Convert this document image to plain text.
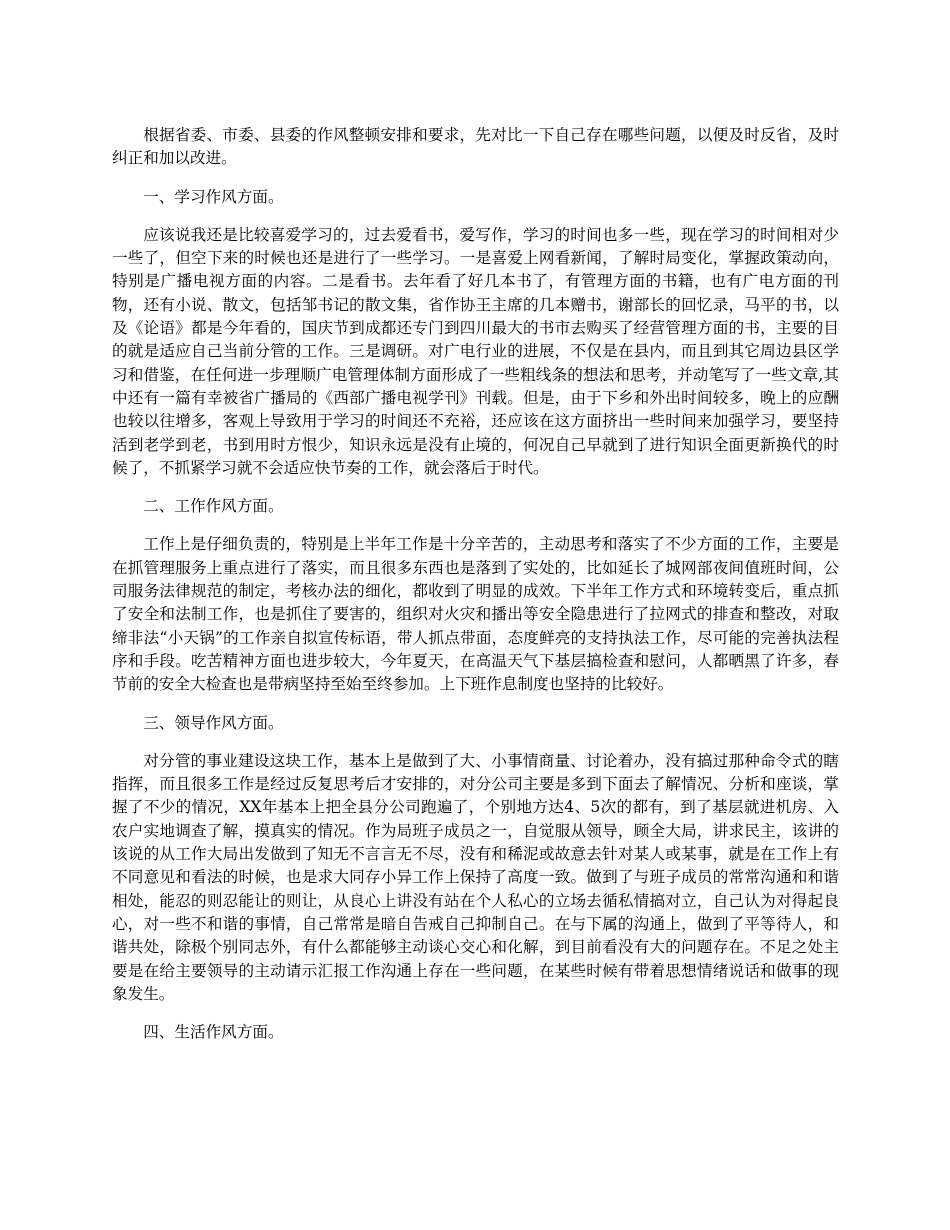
根据省委、市委、县委的作风整顿安排和要求，先对比一下自己存在哪些问题，以便及时反省，及时纠正和加以改进。

一、学习作风方面。

应该说我还是比较喜爱学习的，过去爱看书，爱写作，学习的时间也多一些，现在学习的时间相对少一些了，但空下来的时候也还是进行了一些学习。一是喜爱上网看新闻，了解时局变化，掌握政策动向，特别是广播电视方面的内容。二是看书。去年看了好几本书了，有管理方面的书籍，也有广电方面的刊物，还有小说、散文，包括邹书记的散文集，省作协王主席的几本赠书，谢部长的回忆录，马平的书，以及《论语》都是今年看的，国庆节到成都还专门到四川最大的书市去购买了经营管理方面的书，主要的目的就是适应自己当前分管的工作。三是调研。对广电行业的进展，不仅是在县内，而且到其它周边县区学习和借鉴，在任何进一步理顺广电管理体制方面形成了一些粗线条的想法和思考，并动笔写了一些文章,其中还有一篇有幸被省广播局的《西部广播电视学刊》刊载。但是，由于下乡和外出时间较多，晚上的应酬也较以往增多，客观上导致用于学习的时间还不充裕，还应该在这方面挤出一些时间来加强学习，要坚持活到老学到老，书到用时方恨少，知识永远是没有止境的，何况自己早就到了进行知识全面更新换代的时候了，不抓紧学习就不会适应快节奏的工作，就会落后于时代。

二、工作作风方面。

工作上是仔细负责的，特别是上半年工作是十分辛苦的，主动思考和落实了不少方面的工作，主要是在抓管理服务上重点进行了落实，而且很多东西也是落到了实处的，比如延长了城网部夜间值班时间，公司服务法律规范的制定，考核办法的细化，都收到了明显的成效。下半年工作方式和环境转变后，重点抓了安全和法制工作，也是抓住了要害的，组织对火灾和播出等安全隐患进行了拉网式的排查和整改，对取缔非法“小天锅”的工作亲自拟宣传标语，带人抓点带面，态度鲜亮的支持执法工作，尽可能的完善执法程序和手段。吃苦精神方面也进步较大，今年夏天，在高温天气下基层搞检查和慰问，人都晒黑了许多，春节前的安全大检查也是带病坚持至始至终参加。上下班作息制度也坚持的比较好。

三、领导作风方面。

对分管的事业建设这块工作，基本上是做到了大、小事情商量、讨论着办，没有搞过那种命令式的瞎指挥，而且很多工作是经过反复思考后才安排的，对分公司主要是多到下面去了解情况、分析和座谈，掌握了不少的情况，XX年基本上把全县分公司跑遍了，个别地方达4、5次的都有，到了基层就进机房、入农户实地调查了解，摸真实的情况。作为局班子成员之一，自觉服从领导，顾全大局，讲求民主，该讲的该说的从工作大局出发做到了知无不言言无不尽，没有和稀泥或故意去针对某人或某事，就是在工作上有不同意见和看法的时候，也是求大同存小异工作上保持了高度一致。做到了与班子成员的常常沟通和和谐相处，能忍的则忍能让的则让，从良心上讲没有站在个人私心的立场去循私情搞对立，自己认为对得起良心，对一些不和谐的事情，自己常常是暗自告戒自己抑制自己。在与下属的沟通上，做到了平等待人，和谐共处，除极个别同志外，有什么都能够主动谈心交心和化解，到目前看没有大的问题存在。不足之处主要是在给主要领导的主动请示汇报工作沟通上存在一些问题，在某些时候有带着思想情绪说话和做事的现象发生。

四、生活作风方面。
